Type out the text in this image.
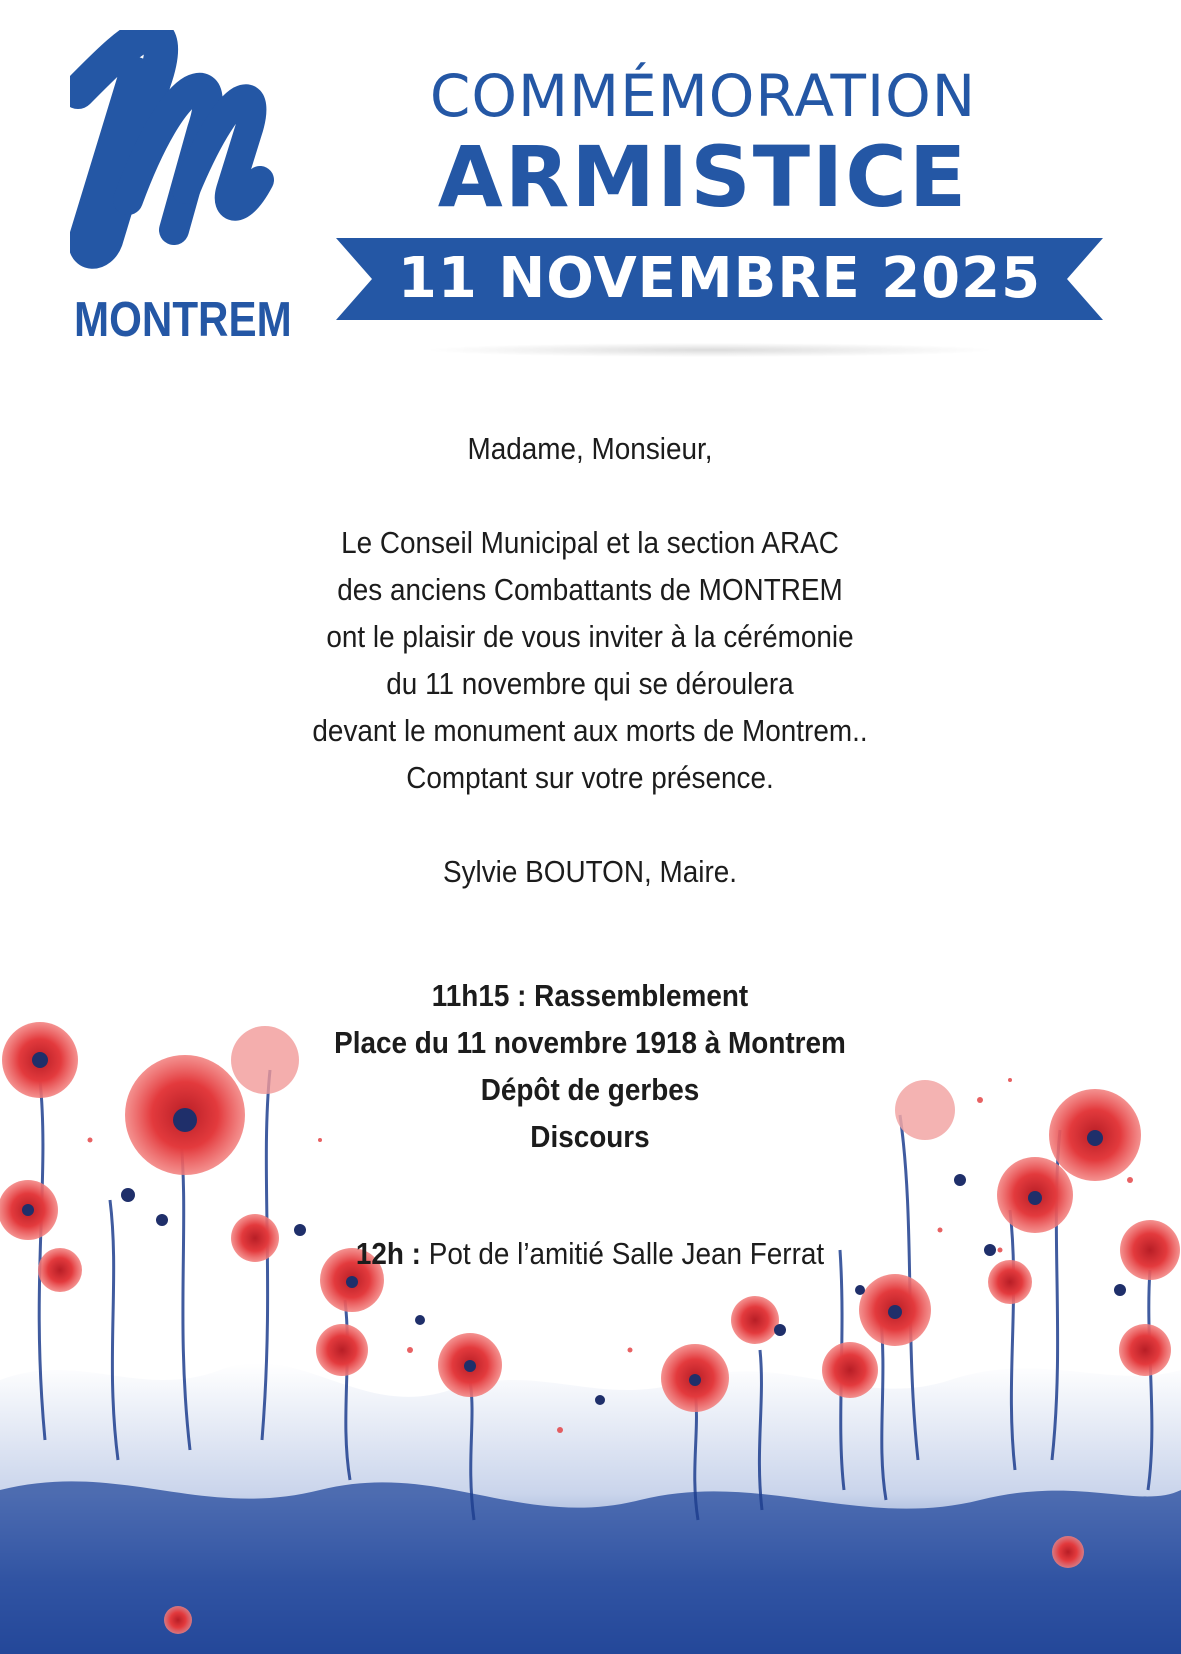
MONTREM
COMMÉMORATION
ARMISTICE
11 NOVEMBRE 2025
Madame, Monsieur,
Le Conseil Municipal et la section ARAC
des anciens Combattants de MONTREM
ont le plaisir de vous inviter à la cérémonie
du 11 novembre qui se déroulera
devant le monument aux morts de Montrem..
Comptant sur votre présence.
Sylvie BOUTON, Maire.
11h15 : Rassemblement
Place du 11 novembre 1918 à Montrem
Dépôt de gerbes
Discours
12h : Pot de l’amitié Salle Jean Ferrat
